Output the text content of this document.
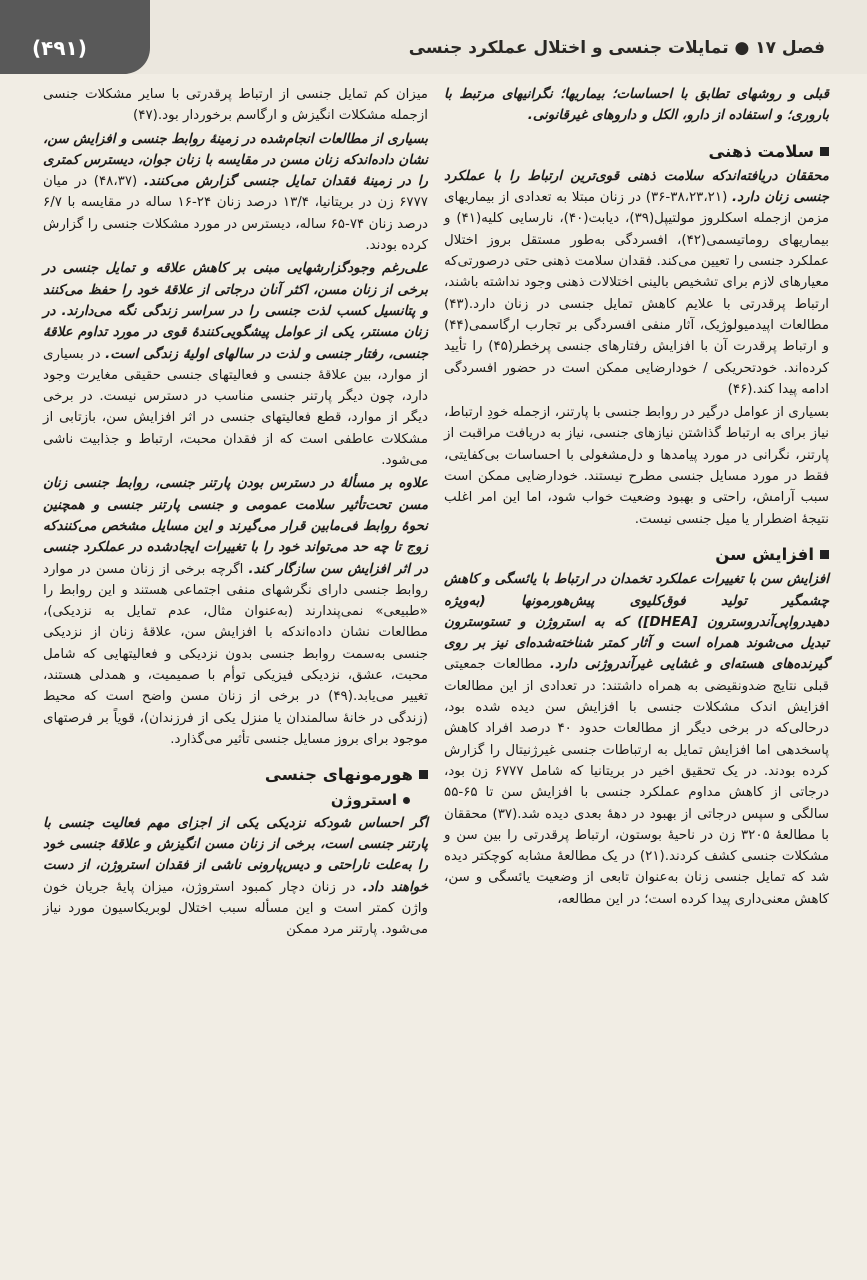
(۴۹۱)	فصل ۱۷ ● تمایلات جنسی و اختلال عملکرد جنسی

قبلی و روشهای تطابق با احساسات؛ بیماریها؛ نگرانیهای مرتبط با باروری؛ و استفاده از دارو، الکل و داروهای غیرقانونی.

سلامت ذهنی

محققان دریافته‌اندکه سلامت ذهنی قوی‌ترین ارتباط را با عملکرد جنسی زنان دارد. (۳۸،۲۳،۲۱-۳۶) در زنان مبتلا به تعدادی از بیماریهای مزمن ازجمله اسکلروز مولتیپل(۳۹)، دیابت(۴۰)، نارسایی کلیه(۴۱) و بیماریهای روماتیسمی(۴۲)، افسردگی به‌طور مستقل بروز اختلال عملکرد جنسی را تعیین می‌کند. فقدان سلامت ذهنی حتی درصورتی‌که معیارهای لازم برای تشخیص بالینی اختلالات ذهنی وجود نداشته باشند، ارتباط پرقدرتی با علایم کاهش تمایل جنسی در زنان دارد.(۴۳) مطالعات اپیدمیولوژیک، آثار منفی افسردگی بر تجارب ارگاسمی(۴۴) و ارتباط پرقدرت آن با افزایش رفتارهای جنسی پرخطر(۴۵) را تأیید کرده‌اند. خودتحریکی / خودارضایی ممکن است در حضور افسردگی ادامه پیدا کند.(۴۶)

بسیاری از عوامل درگیر در روابط جنسی با پارتنر، ازجمله خودِ ارتباط، نیاز برای به ارتباط گذاشتن نیازهای جنسی، نیاز به دریافت مراقبت از پارتنر، نگرانی در مورد پیامدها و دل‌مشغولی با احساسات بی‌کفایتی، فقط در مورد مسایل جنسی مطرح نیستند. خودارضایی ممکن است سبب آرامش، راحتی و بهبود وضعیت خواب شود، اما این امر اغلب نتیجهٔ اضطرار یا میل جنسی نیست.

افزایش سن

افزایش سن با تغییرات عملکرد تخمدان در ارتباط با یائسگی و کاهش چشمگیر تولید فوق‌کلیوی پیش‌هورمونها (به‌ویژه دهیدرواپی‌آندروسترون [DHEA]) که به استروژن و تستوسترون تبدیل می‌شوند همراه است و آثار کمتر شناخته‌شده‌ای نیز بر روی گیرنده‌های هسته‌ای و غشایی غیرآندروژنی دارد. مطالعات جمعیتی قبلی نتایج ضدونقیضی به همراه داشتند: در تعدادی از این مطالعات افزایش اندک مشکلات جنسی با افزایش سن دیده شده بود، درحالی‌که در برخی دیگر از مطالعات حدود ۴۰ درصد افراد کاهش پاسخدهی اما افزایش تمایل به ارتباطات جنسی غیرژنیتال را گزارش کرده بودند. در یک تحقیق اخیر در بریتانیا که شامل ۶۷۷۷ زن بود، درجاتی از کاهش مداوم عملکرد جنسی با افزایش سن تا ۶۵-۵۵ سالگی و سپس درجاتی از بهبود در دههٔ بعدی دیده شد.(۳۷) محققان با مطالعهٔ ۳۲۰۵ زن در ناحیهٔ بوستون، ارتباط پرقدرتی را بین سن و مشکلات جنسی کشف کردند.(۲۱) در یک مطالعهٔ مشابه کوچکتر دیده شد که تمایل جنسی زنان به‌عنوان تابعی از وضعیت یائسگی و سن، کاهش معنی‌داری پیدا کرده است؛ در این مطالعه،

میزان کم تمایل جنسی از ارتباط پرقدرتی با سایر مشکلات جنسی ازجمله مشکلات انگیزش و ارگاسم برخوردار بود.(۴۷)

بسیاری از مطالعات انجام‌شده در زمینهٔ روابط جنسی و افزایش سن، نشان داده‌اندکه زنان مسن در مقایسه با زنان جوان، دیسترس کمتری را در زمینهٔ فقدان تمایل جنسی گزارش می‌کنند. (۴۸،۳۷) در میان ۶۷۷۷ زن در بریتانیا، ۱۳/۴ درصد زنان ۲۴-۱۶ ساله در مقایسه با ۶/۷ درصد زنان ۷۴-۶۵ ساله، دیسترس در مورد مشکلات جنسی را گزارش کرده بودند.

علی‌رغم وجودگزارشهایی مبنی بر کاهش علاقه و تمایل جنسی در برخی از زنان مسن، اکثر آنان درجاتی از علاقهٔ خود را حفظ می‌کنند و پتانسیل کسب لذت جنسی را در سراسر زندگی نگه می‌دارند. در زنان مسنتر، یکی از عوامل پیشگویی‌کنندهٔ قوی در مورد تداوم علاقهٔ جنسی، رفتار جنسی و لذت در سالهای اولیهٔ زندگی است. در بسیاری از موارد، بین علاقهٔ جنسی و فعالیتهای جنسی حقیقی مغایرت وجود دارد، چون دیگر پارتنر جنسی مناسب در دسترس نیست. در برخی دیگر از موارد، قطع فعالیتهای جنسی در اثر افزایش سن، بازتابی از مشکلات عاطفی است که از فقدان محبت، ارتباط و جذابیت ناشی می‌شود.

علاوه بر مسألهٔ در دسترس بودن پارتنر جنسی، روابط جنسی زنان مسن تحت‌تأثیر سلامت عمومی و جنسی پارتنر جنسی و همچنین نحوهٔ روابط فی‌مابین قرار می‌گیرند و این مسایل مشخص می‌کنندکه زوج تا چه حد می‌تواند خود را با تغییرات ایجادشده در عملکرد جنسی در اثر افزایش سن سازگار کند. اگرچه برخی از زنان مسن در موارد روابط جنسی دارای نگرشهای منفی اجتماعی هستند و این روابط را «طبیعی» نمی‌پندارند (به‌عنوان مثال، عدم تمایل به نزدیکی)، مطالعات نشان داده‌اندکه با افزایش سن، علاقهٔ زنان از نزدیکی جنسی به‌سمت روابط جنسی بدون نزدیکی و فعالیتهایی که شامل محبت، عشق، نزدیکی فیزیکی توأم با صمیمیت، و همدلی هستند، تغییر می‌یابد.(۴۹) در برخی از زنان مسن واضح است که محیط (زندگی در خانهٔ سالمندان یا منزل یکی از فرزندان)، قویاً بر فرصتهای موجود برای بروز مسایل جنسی تأثیر می‌گذارد.

هورمونهای جنسی
استروژن

اگر احساس شودکه نزدیکی یکی از اجزای مهم فعالیت جنسی با پارتنر جنسی است، برخی از زنان مسن انگیزش و علاقهٔ جنسی خود را به‌علت ناراحتی و دیس‌پارونی ناشی از فقدان استروژن، از دست خواهند داد. در زنان دچار کمبود استروژن، میزان پایهٔ جریان خون واژن کمتر است و این مسأله سبب اختلال لوبریکاسیون مورد نیاز می‌شود. پارتنر مرد ممکن
